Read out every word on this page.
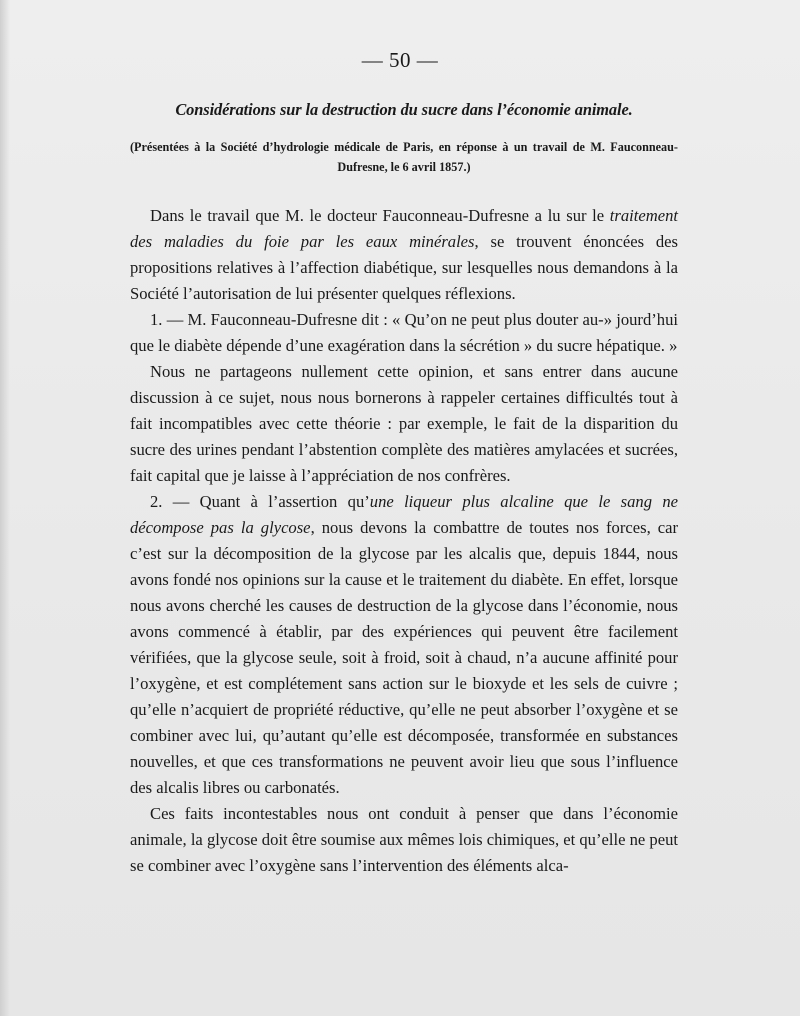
— 50 —
Considérations sur la destruction du sucre dans l’économie animale.
(Présentées à la Société d’hydrologie médicale de Paris, en réponse à un travail de M. Fauconneau-Dufresne, le 6 avril 1857.)

Dans le travail que M. le docteur Fauconneau-Dufresne a lu sur le traitement des maladies du foie par les eaux minérales, se trouvent énoncées des propositions relatives à l’affection diabétique, sur lesquelles nous demandons à la Société l’autorisation de lui présenter quelques réflexions.

1. — M. Fauconneau-Dufresne dit : « Qu’on ne peut plus douter au-» jourd’hui que le diabète dépende d’une exagération dans la sécrétion » du sucre hépatique. »

Nous ne partageons nullement cette opinion, et sans entrer dans aucune discussion à ce sujet, nous nous bornerons à rappeler certaines difficultés tout à fait incompatibles avec cette théorie : par exemple, le fait de la disparition du sucre des urines pendant l’abstention complète des matières amylacées et sucrées, fait capital que je laisse à l’appréciation de nos confrères.

2. — Quant à l’assertion qu’une liqueur plus alcaline que le sang ne décompose pas la glycose, nous devons la combattre de toutes nos forces, car c’est sur la décomposition de la glycose par les alcalis que, depuis 1844, nous avons fondé nos opinions sur la cause et le traitement du diabète. En effet, lorsque nous avons cherché les causes de destruction de la glycose dans l’économie, nous avons commencé à établir, par des expériences qui peuvent être facilement vérifiées, que la glycose seule, soit à froid, soit à chaud, n’a aucune affinité pour l’oxygène, et est complétement sans action sur le bioxyde et les sels de cuivre ; qu’elle n’acquiert de propriété réductive, qu’elle ne peut absorber l’oxygène et se combiner avec lui, qu’autant qu’elle est décomposée, transformée en substances nouvelles, et que ces transformations ne peuvent avoir lieu que sous l’influence des alcalis libres ou carbonatés.

Ces faits incontestables nous ont conduit à penser que dans l’économie animale, la glycose doit être soumise aux mêmes lois chimiques, et qu’elle ne peut se combiner avec l’oxygène sans l’intervention des éléments alca-
